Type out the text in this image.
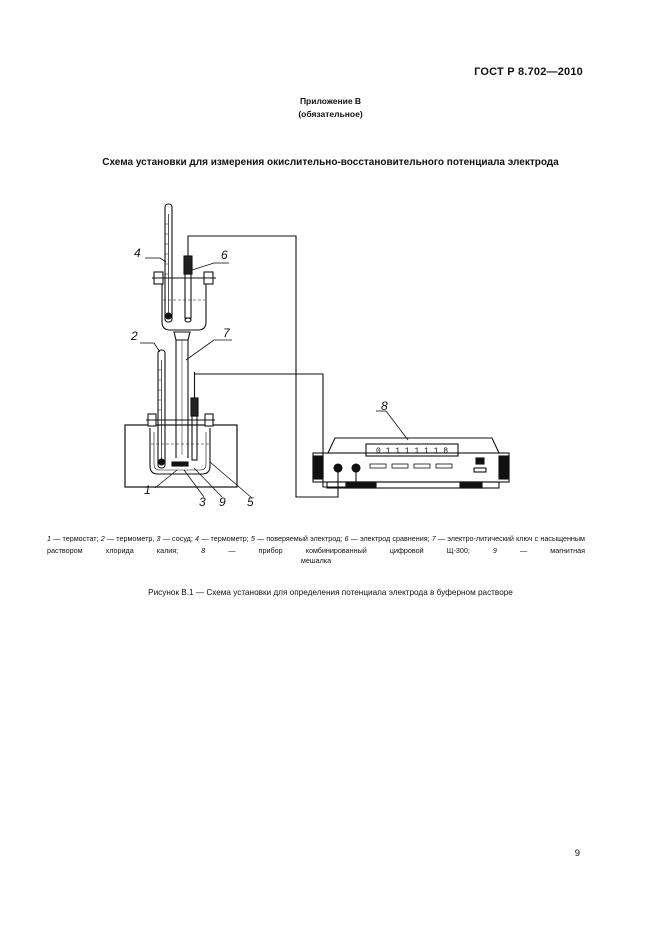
ГОСТ Р 8.702—2010
Приложение В
(обязательное)
Схема установки для измерения окислительно-восстановительного потенциала электрода
0 1 1 1 1 1 1 8
1
2
3
4
5
6
7
8
9
1 — термостат; 2 — термометр, 3 — сосуд; 4 — термометр; 5 — поверяемый электрод; 6 — электрод сравнения; 7 — электро-литический ключ с насыщенным раствором хлорида калия; 8 — прибор комбинированный цифровой Щ-300; 9 — магнитная
мешалка
Рисунок В.1 — Схема установки для определения потенциала электрода в буферном растворе
9
